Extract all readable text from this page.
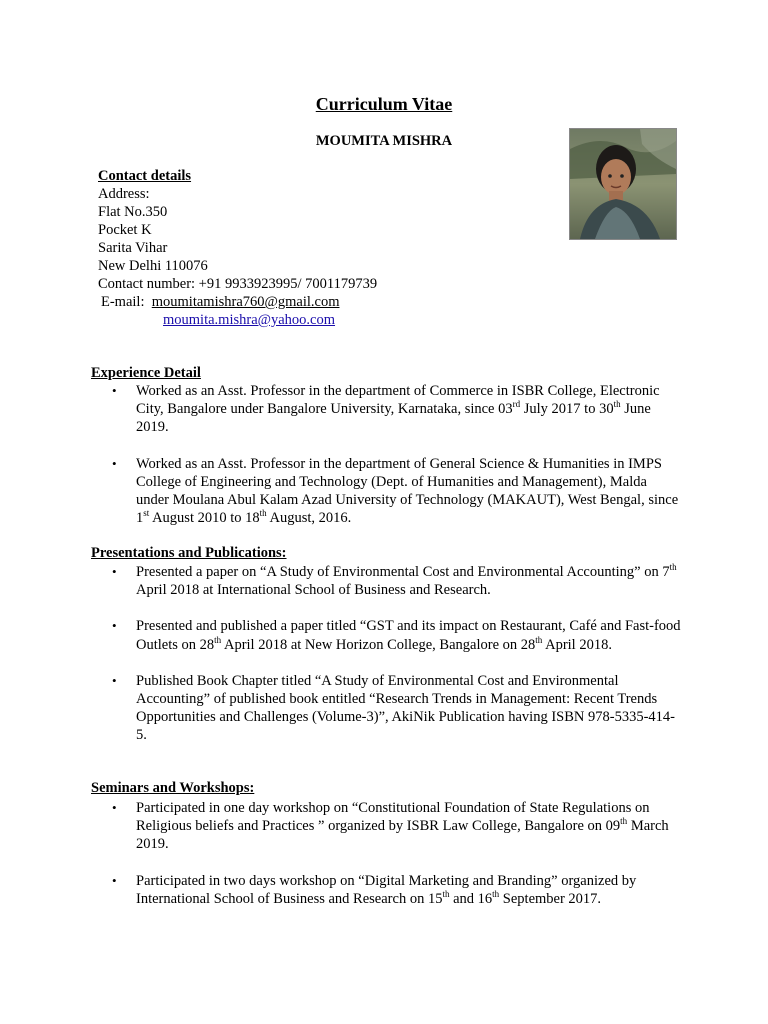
Curriculum Vitae
MOUMITA MISHRA
Contact details
Address:
Flat No.350
Pocket K
Sarita Vihar
New Delhi 110076
Contact number: +91 9933923995/ 7001179739
E-mail: moumitamishra760@gmail.com
moumita.mishra@yahoo.com
Experience Detail
• Worked as an Asst. Professor in the department of Commerce in ISBR College, Electronic City, Bangalore under Bangalore University, Karnataka, since 03rd July 2017 to 30th June 2019.
• Worked as an Asst. Professor in the department of General Science & Humanities in IMPS College of Engineering and Technology (Dept. of Humanities and Management), Malda under Moulana Abul Kalam Azad University of Technology (MAKAUT), West Bengal, since 1st August 2010 to 18th August, 2016.
Presentations and Publications:
• Presented a paper on “A Study of Environmental Cost and Environmental Accounting” on 7th April 2018 at International School of Business and Research.
• Presented and published a paper titled “GST and its impact on Restaurant, Café and Fast-food Outlets on 28th April 2018 at New Horizon College, Bangalore on 28th April 2018.
• Published Book Chapter titled “A Study of Environmental Cost and Environmental Accounting” of published book entitled “Research Trends in Management: Recent Trends Opportunities and Challenges (Volume-3)”, AkiNik Publication having ISBN 978-5335-414-5.
Seminars and Workshops:
• Participated in one day workshop on “Constitutional Foundation of State Regulations on Religious beliefs and Practices ” organized by ISBR Law College, Bangalore on 09th March 2019.
• Participated in two days workshop on “Digital Marketing and Branding” organized by International School of Business and Research on 15th and 16th September 2017.
